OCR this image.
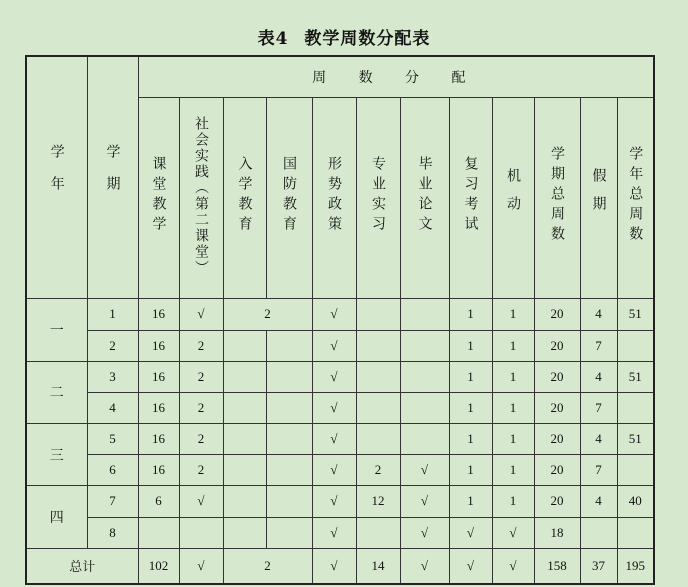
表4 教学周数分配表
学年	学期	周 数 分 配											
		课堂教学	社会实践（第二课堂）	入学教育	国防教育	形势政策	专业实习	毕业论文	复习考试	机动	学期总周数	假期	学年总周数
一	1	16	√	2		√			1	1	20	4	51
	2	16	2			√			1	1	20	7	
二	3	16	2			√			1	1	20	4	51
	4	16	2			√			1	1	20	7	
三	5	16	2			√			1	1	20	4	51
	6	16	2			√	2	√	1	1	20	7	
四	7	6	√			√	12	√	1	1	20	4	40
	8					√		√	√	√	18		
总计		102	√	2		√	14	√	√	√	158	37	195
